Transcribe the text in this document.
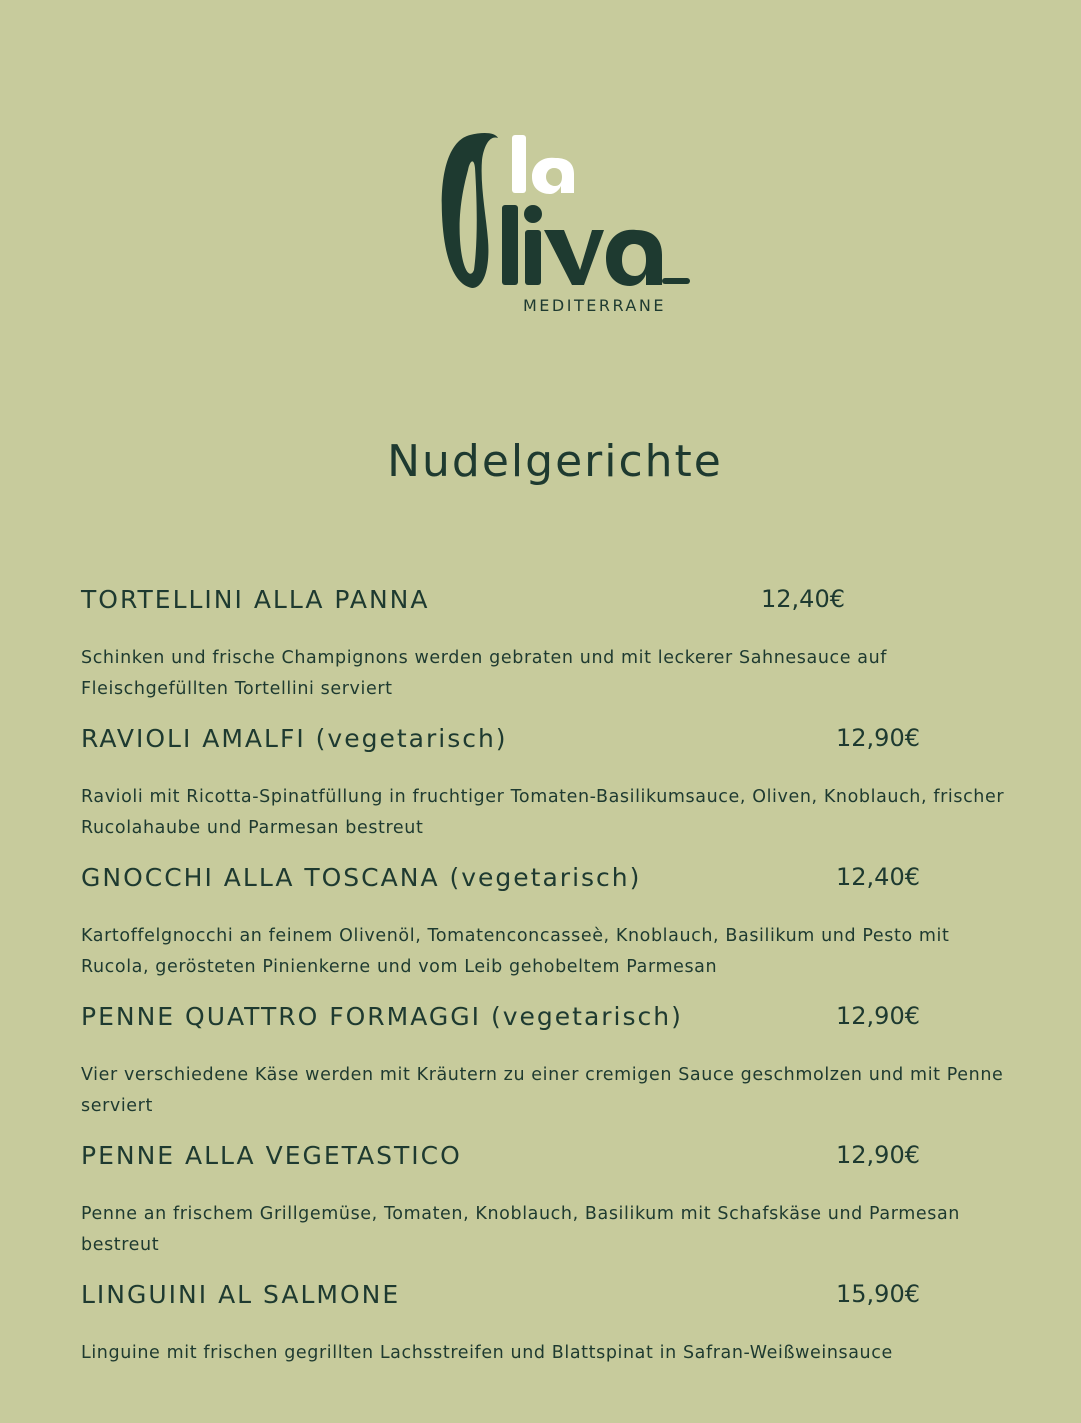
MEDITERRANE
Nudelgerichte
TORTELLINI ALLA PANNA	12,40€
Schinken und frische Champignons werden gebraten und mit leckerer Sahnesauce auf Fleischgefüllten Tortellini serviert
RAVIOLI AMALFI (vegetarisch)	12,90€
Ravioli mit Ricotta-Spinatfüllung in fruchtiger Tomaten-Basilikumsauce, Oliven, Knoblauch, frischer Rucolahaube und Parmesan bestreut
GNOCCHI ALLA TOSCANA (vegetarisch)	12,40€
Kartoffelgnocchi an feinem Olivenöl, Tomatenconcasseè, Knoblauch, Basilikum und Pesto mit Rucola, gerösteten Pinienkerne und vom Leib gehobeltem Parmesan
PENNE QUATTRO FORMAGGI (vegetarisch)	12,90€
Vier verschiedene Käse werden mit Kräutern zu einer cremigen Sauce geschmolzen und mit Penne serviert
PENNE ALLA VEGETASTICO	12,90€
Penne an frischem Grillgemüse, Tomaten, Knoblauch, Basilikum mit Schafskäse und Parmesan bestreut
LINGUINI AL SALMONE	15,90€
Linguine mit frischen gegrillten Lachsstreifen und Blattspinat in Safran-Weißweinsauce
